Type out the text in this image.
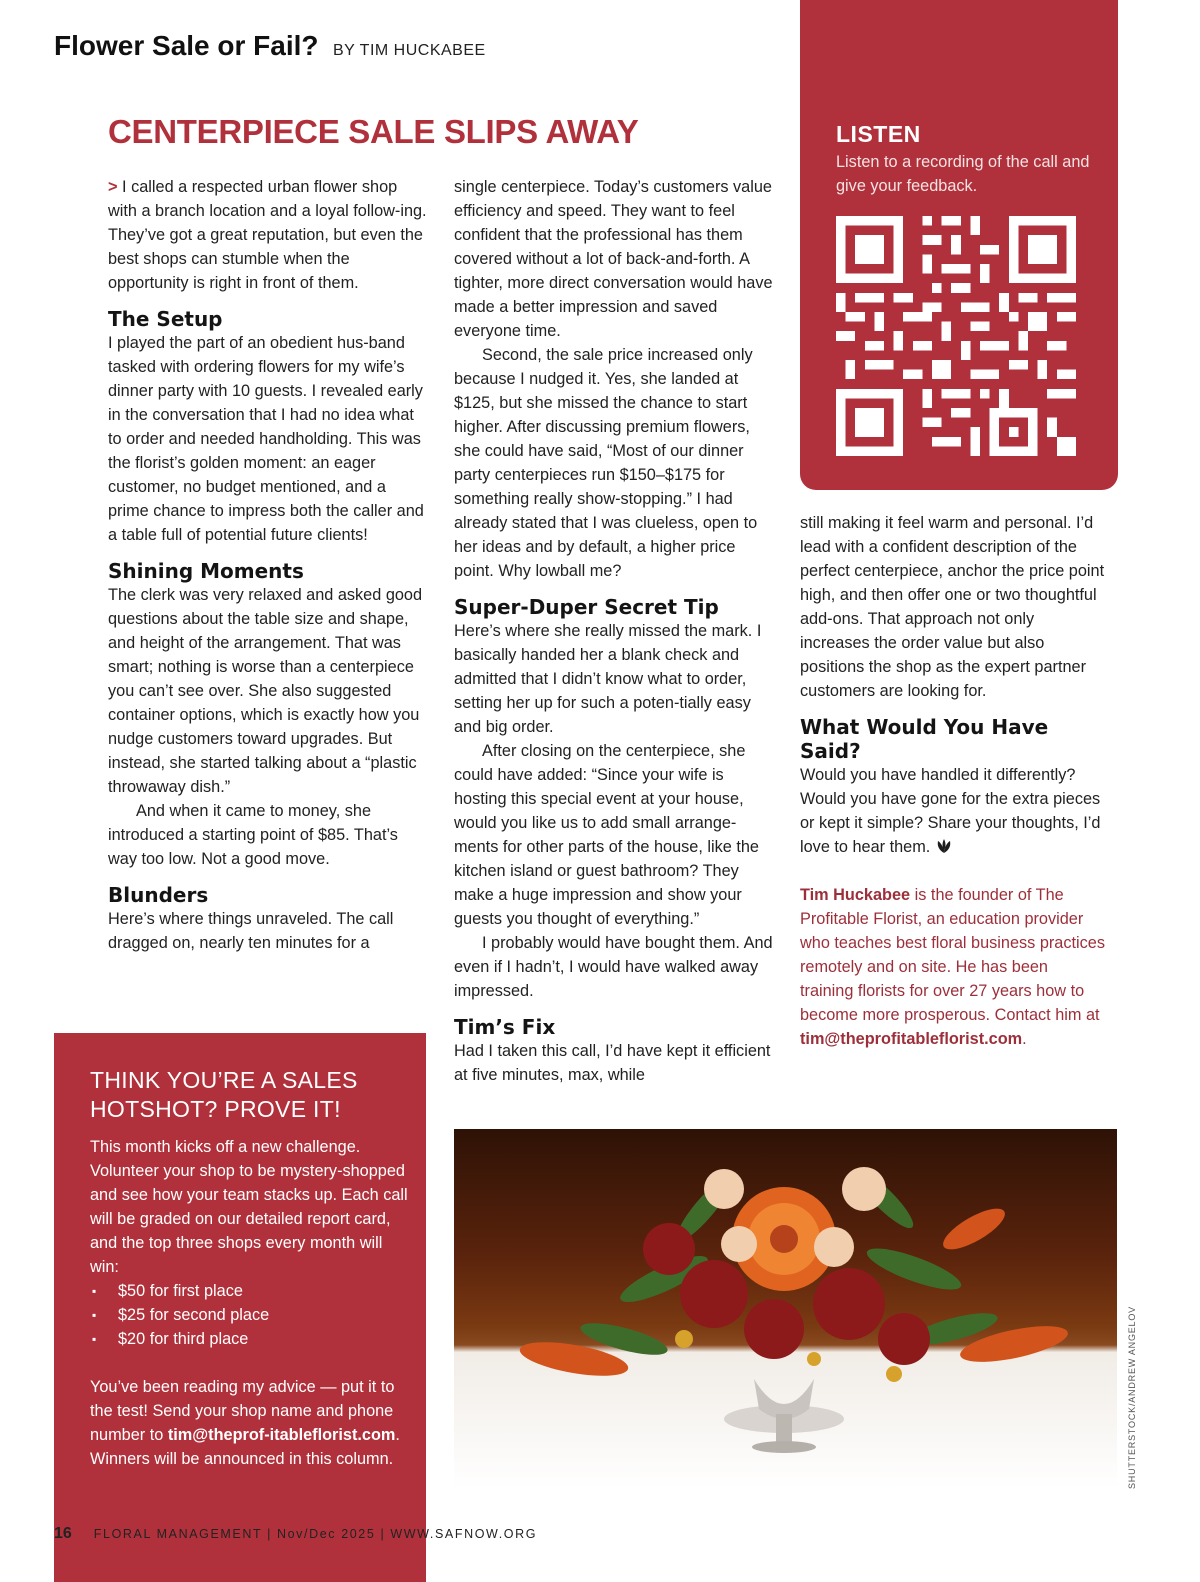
Flower Sale or Fail? BY TIM HUCKABEE
CENTERPIECE SALE SLIPS AWAY

> I called a respected urban flower shop with a branch location and a loyal follow-ing. They’ve got a great reputation, but even the best shops can stumble when the opportunity is right in front of them.

The Setup

I played the part of an obedient hus-band tasked with ordering flowers for my wife’s dinner party with 10 guests. I revealed early in the conversation that I had no idea what to order and needed handholding. This was the florist’s golden moment: an eager customer, no budget mentioned, and a prime chance to impress both the caller and a table full of potential future clients!

Shining Moments

The clerk was very relaxed and asked good questions about the table size and shape, and height of the arrangement. That was smart; nothing is worse than a centerpiece you can’t see over. She also suggested container options, which is exactly how you nudge customers toward upgrades. But instead, she started talking about a “plastic throwaway dish.”

And when it came to money, she introduced a starting point of $85. That’s way too low. Not a good move.

Blunders

Here’s where things unraveled. The call dragged on, nearly ten minutes for a

single centerpiece. Today’s customers value efficiency and speed. They want to feel confident that the professional has them covered without a lot of back-and-forth. A tighter, more direct conversation would have made a better impression and saved everyone time.

Second, the sale price increased only because I nudged it. Yes, she landed at $125, but she missed the chance to start higher. After discussing premium flowers, she could have said, “Most of our dinner party centerpieces run $150–$175 for something really show-stopping.” I had already stated that I was clueless, open to her ideas and by default, a higher price point. Why lowball me?

Super-Duper Secret Tip

Here’s where she really missed the mark. I basically handed her a blank check and admitted that I didn’t know what to order, setting her up for such a poten-tially easy and big order.

After closing on the centerpiece, she could have added: “Since your wife is hosting this special event at your house, would you like us to add small arrange-ments for other parts of the house, like the kitchen island or guest bathroom? They make a huge impression and show your guests you thought of everything.”

I probably would have bought them. And even if I hadn’t, I would have walked away impressed.

Tim’s Fix

Had I taken this call, I’d have kept it efficient at five minutes, max, while

LISTEN
Listen to a recording of the call and give your feedback.

still making it feel warm and personal. I’d lead with a confident description of the perfect centerpiece, anchor the price point high, and then offer one or two thoughtful add-ons. That approach not only increases the order value but also positions the shop as the expert partner customers are looking for.

What Would You Have Said?

Would you have handled it differently? Would you have gone for the extra pieces or kept it simple? Share your thoughts, I’d love to hear them.

Tim Huckabee is the founder of The Profitable Florist, an education provider who teaches best floral business practices remotely and on site. He has been training florists for over 27 years how to become more prosperous. Contact him at tim@theprofitableflorist.com.

THINK YOU’RE A SALES HOTSHOT? PROVE IT!

This month kicks off a new challenge. Volunteer your shop to be mystery-shopped and see how your team stacks up. Each call will be graded on our detailed report card, and the top three shops every month will win:

▪ $50 for first place
▪ $25 for second place
▪ $20 for third place

You’ve been reading my advice — put it to the test! Send your shop name and phone number to tim@theprof-itableflorist.com. Winners will be announced in this column.	SHUTTERSTOCK/ANDREW ANGELOV
16 FLORAL MANAGEMENT | Nov/Dec 2025 | WWW.SAFNOW.ORG
